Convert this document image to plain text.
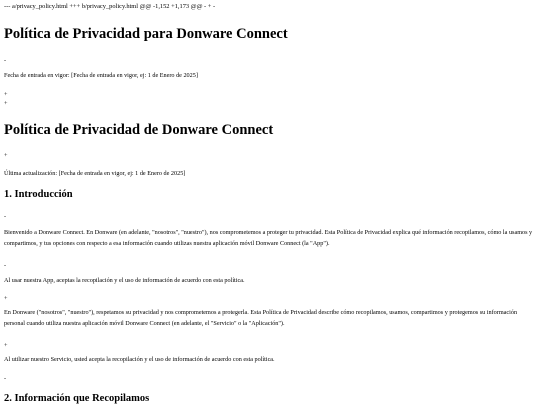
--- a/privacy_policy.html +++ b/privacy_policy.html @@ -1,152 +1,173 @@ - + -
Política de Privacidad para Donware Connect
-
Fecha de entrada en vigor: [Fecha de entrada en vigor, ej: 1 de Enero de 2025]
+
+
Política de Privacidad de Donware Connect
+
Última actualización: [Fecha de entrada en vigor, ej: 1 de Enero de 2025]
1. Introducción
-

Bienvenido a Donware Connect. En Donware (en adelante, "nosotros", "nuestro"), nos comprometemos a proteger tu privacidad. Esta Política de Privacidad explica qué información recopilamos, cómo la usamos y compartimos, y tus opciones con respecto a esa información cuando utilizas nuestra aplicación móvil Donware Connect (la "App").

-
Al usar nuestra App, aceptas la recopilación y el uso de información de acuerdo con esta política.
+

En Donware ("nosotros", "nuestro"), respetamos su privacidad y nos comprometemos a protegerla. Esta Política de Privacidad describe cómo recopilamos, usamos, compartimos y protegemos su información personal cuando utiliza nuestra aplicación móvil Donware Connect (en adelante, el "Servicio" o la "Aplicación").

+
Al utilizar nuestro Servicio, usted acepta la recopilación y el uso de información de acuerdo con esta política.
-
2. Información que Recopilamos
